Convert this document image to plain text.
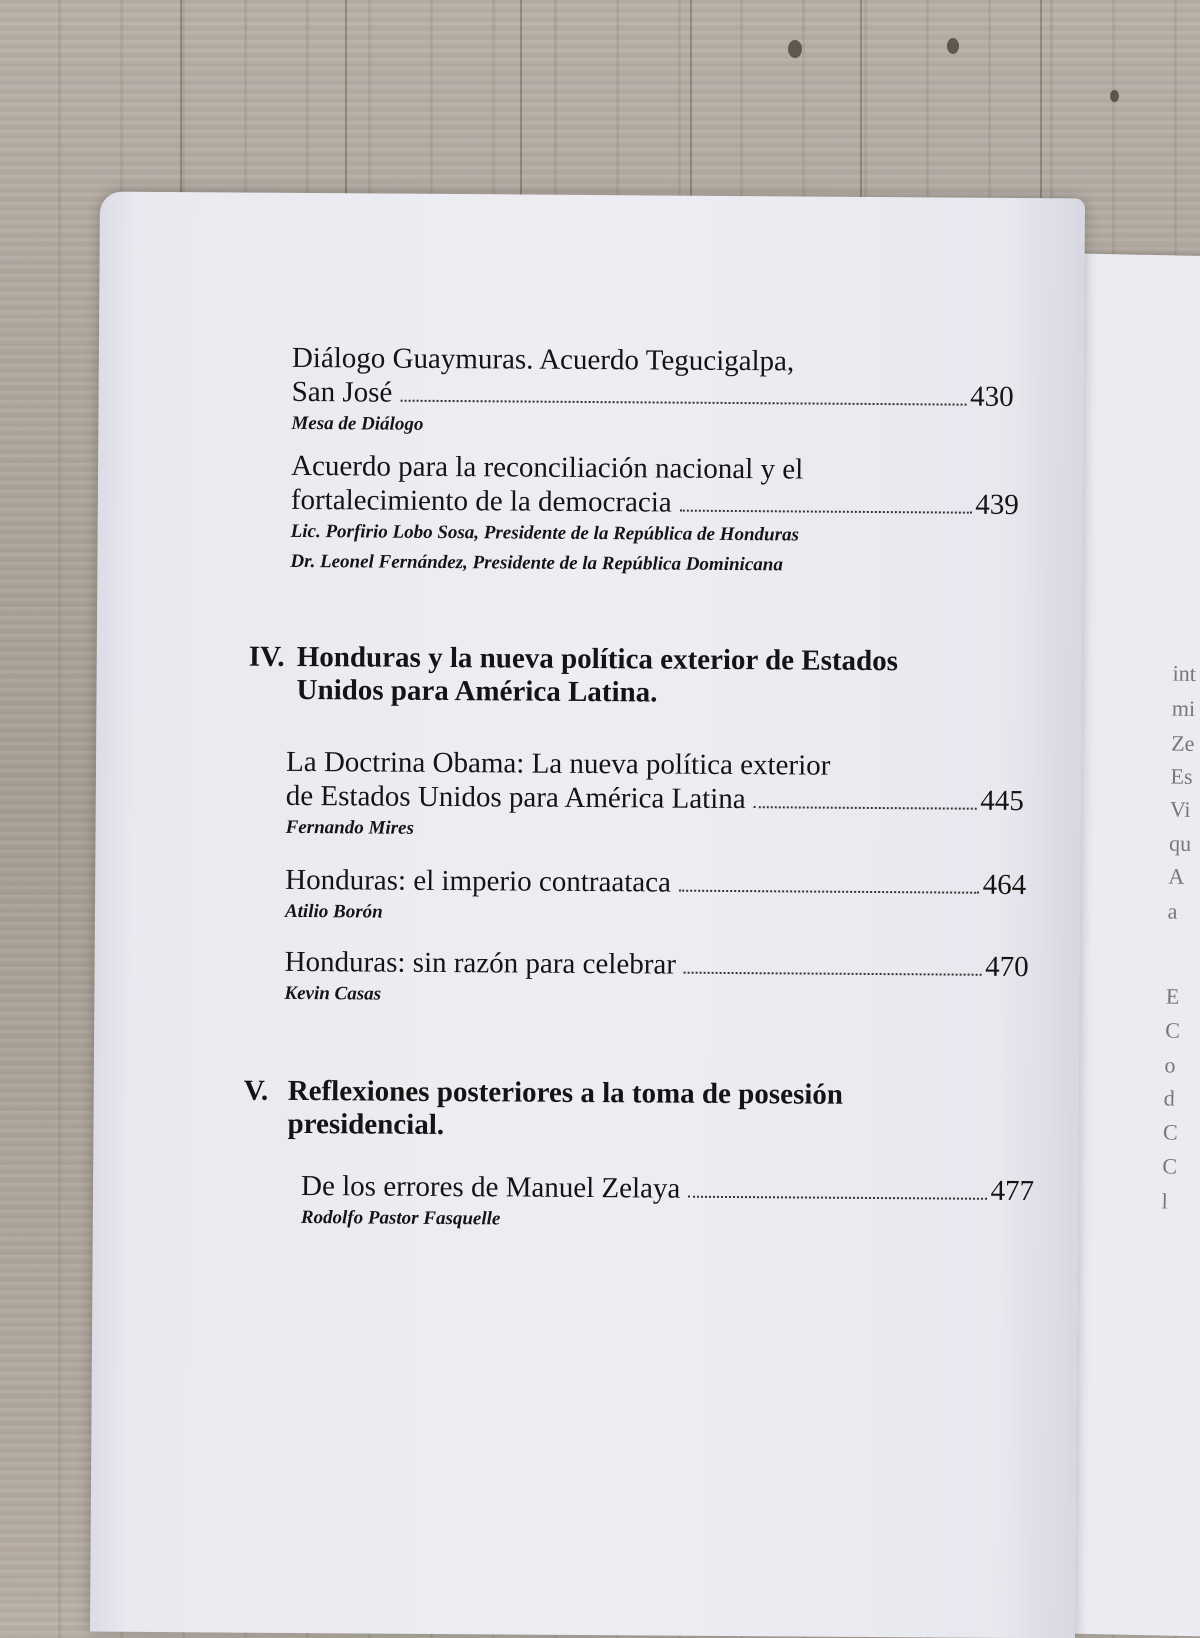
int
mi
Ze
Es
Vi
qu
A
a
E
C
o
d
C
C
l
Diálogo Guaymuras. Acuerdo Tegucigalpa,
San José	430
Mesa de Diálogo
Acuerdo para la reconciliación nacional y el
fortalecimiento de la democracia	439
Lic. Porfirio Lobo Sosa, Presidente de la República de Honduras
Dr. Leonel Fernández, Presidente de la República Dominicana
IV. Honduras y la nueva política exterior de Estados
Unidos para América Latina.
La Doctrina Obama: La nueva política exterior
de Estados Unidos para América Latina	445
Fernando Mires
Honduras: el imperio contraataca	464
Atilio Borón
Honduras: sin razón para celebrar	470
Kevin Casas
V. Reflexiones posteriores a la toma de posesión
presidencial.
De los errores de Manuel Zelaya	477
Rodolfo Pastor Fasquelle
